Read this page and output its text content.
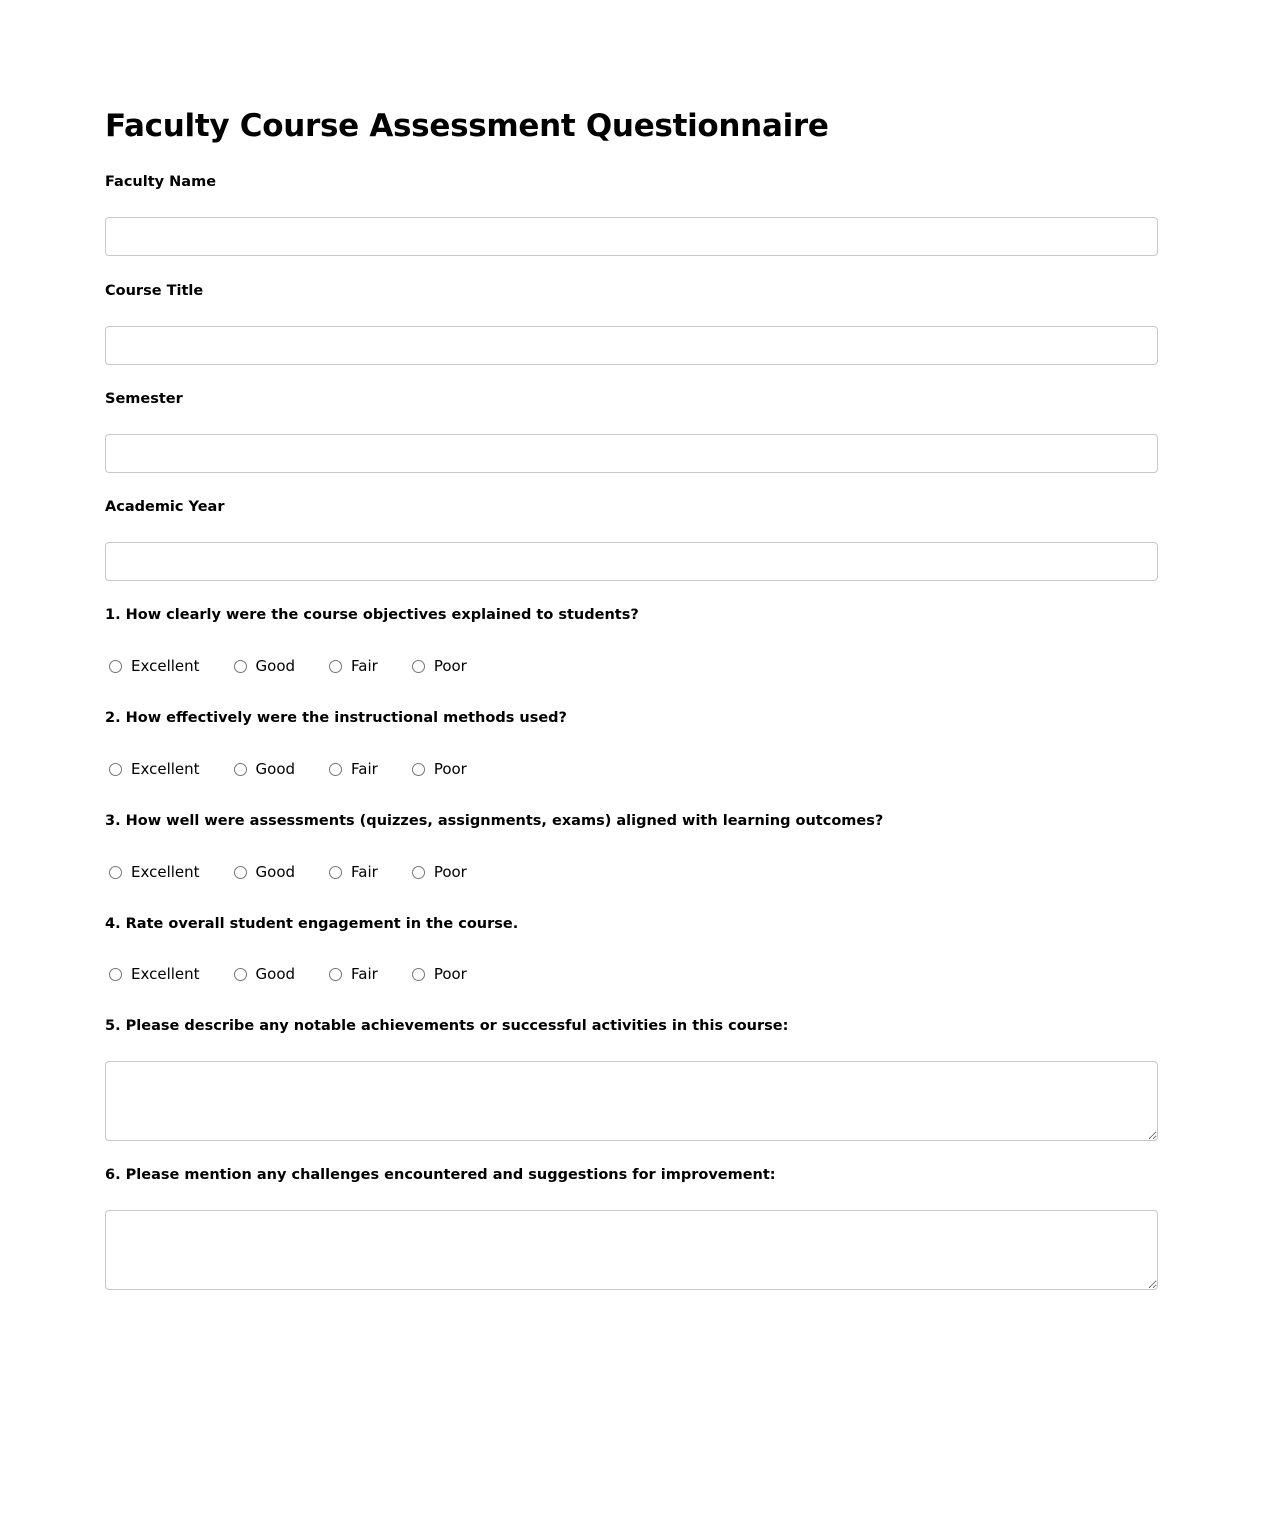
Faculty Course Assessment Questionnaire
Faculty Name
Course Title
Semester
Academic Year
1. How clearly were the course objectives explained to students?
Excellent	Good	Fair	Poor
2. How effectively were the instructional methods used?
Excellent	Good	Fair	Poor
3. How well were assessments (quizzes, assignments, exams) aligned with learning outcomes?
Excellent	Good	Fair	Poor
4. Rate overall student engagement in the course.
Excellent	Good	Fair	Poor
5. Please describe any notable achievements or successful activities in this course:
6. Please mention any challenges encountered and suggestions for improvement:
